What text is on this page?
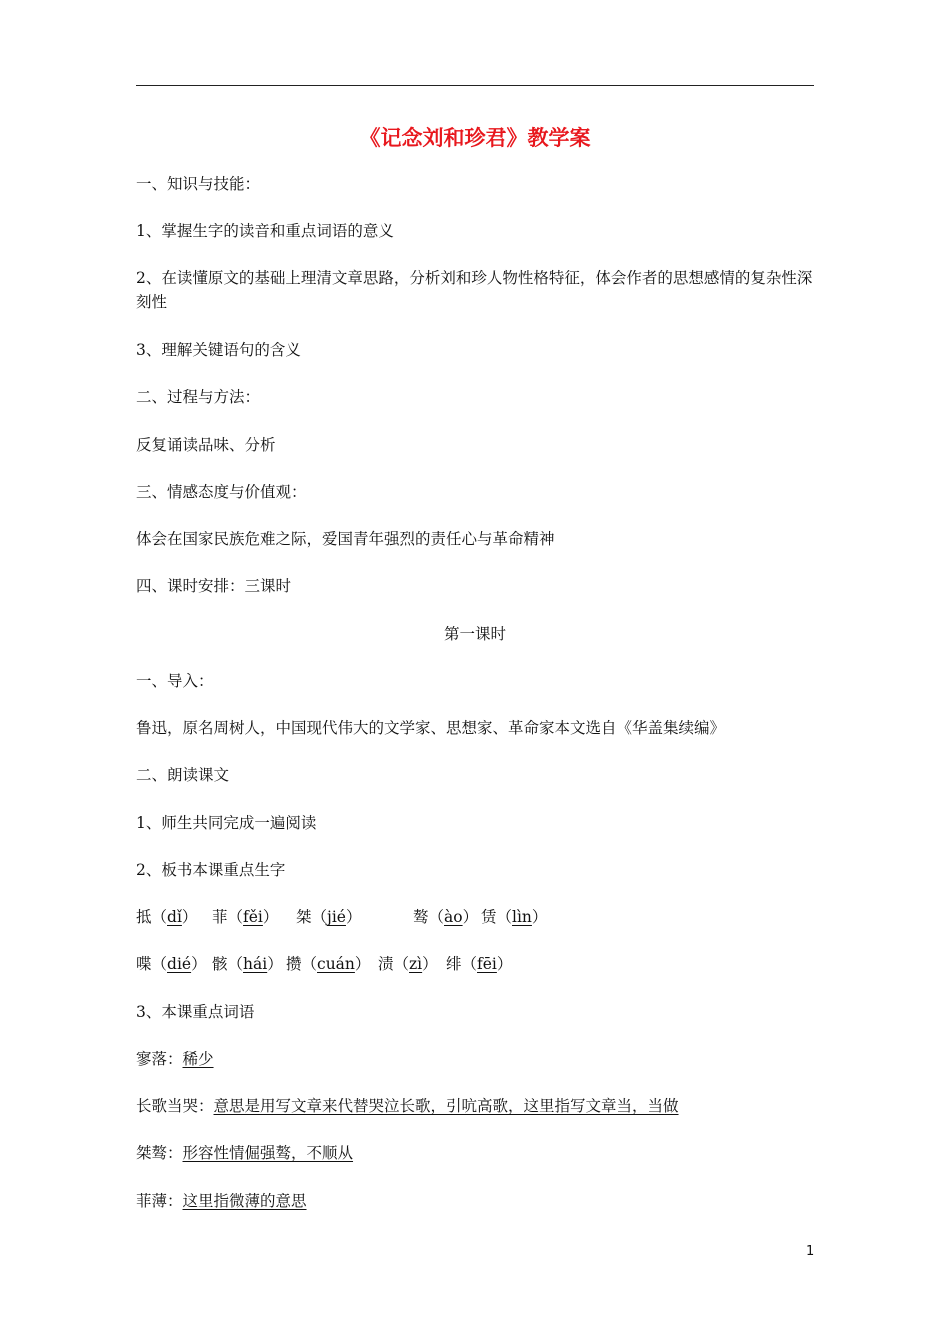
《记念刘和珍君》教学案
一、知识与技能：
1、掌握生字的读音和重点词语的意义
2、在读懂原文的基础上理清文章思路，分析刘和珍人物性格特征，体会作者的思想感情的复杂性深刻性
3、理解关键语句的含义
二、过程与方法：
反复诵读品味、分析
三、情感态度与价值观：
体会在国家民族危难之际，爱国青年强烈的责任心与革命精神
四、课时安排：三课时
第一课时
一、导入：
鲁迅，原名周树人，中国现代伟大的文学家、思想家、革命家本文选自《华盖集续编》
二、朗读课文
1、师生共同完成一遍阅读
2、板书本课重点生字
抵（dǐ） 菲（fěi） 桀（jié）	骜（ào） 赁（lìn）
喋（dié） 骸（hái） 攒（cuán） 渍（zì） 绯（fēi）
3、本课重点词语
寥落：稀少
长歌当哭：意思是用写文章来代替哭泣长歌，引吭高歌，这里指写文章当，当做
桀骜：形容性情倔强骜，不顺从
菲薄：这里指微薄的意思
1
